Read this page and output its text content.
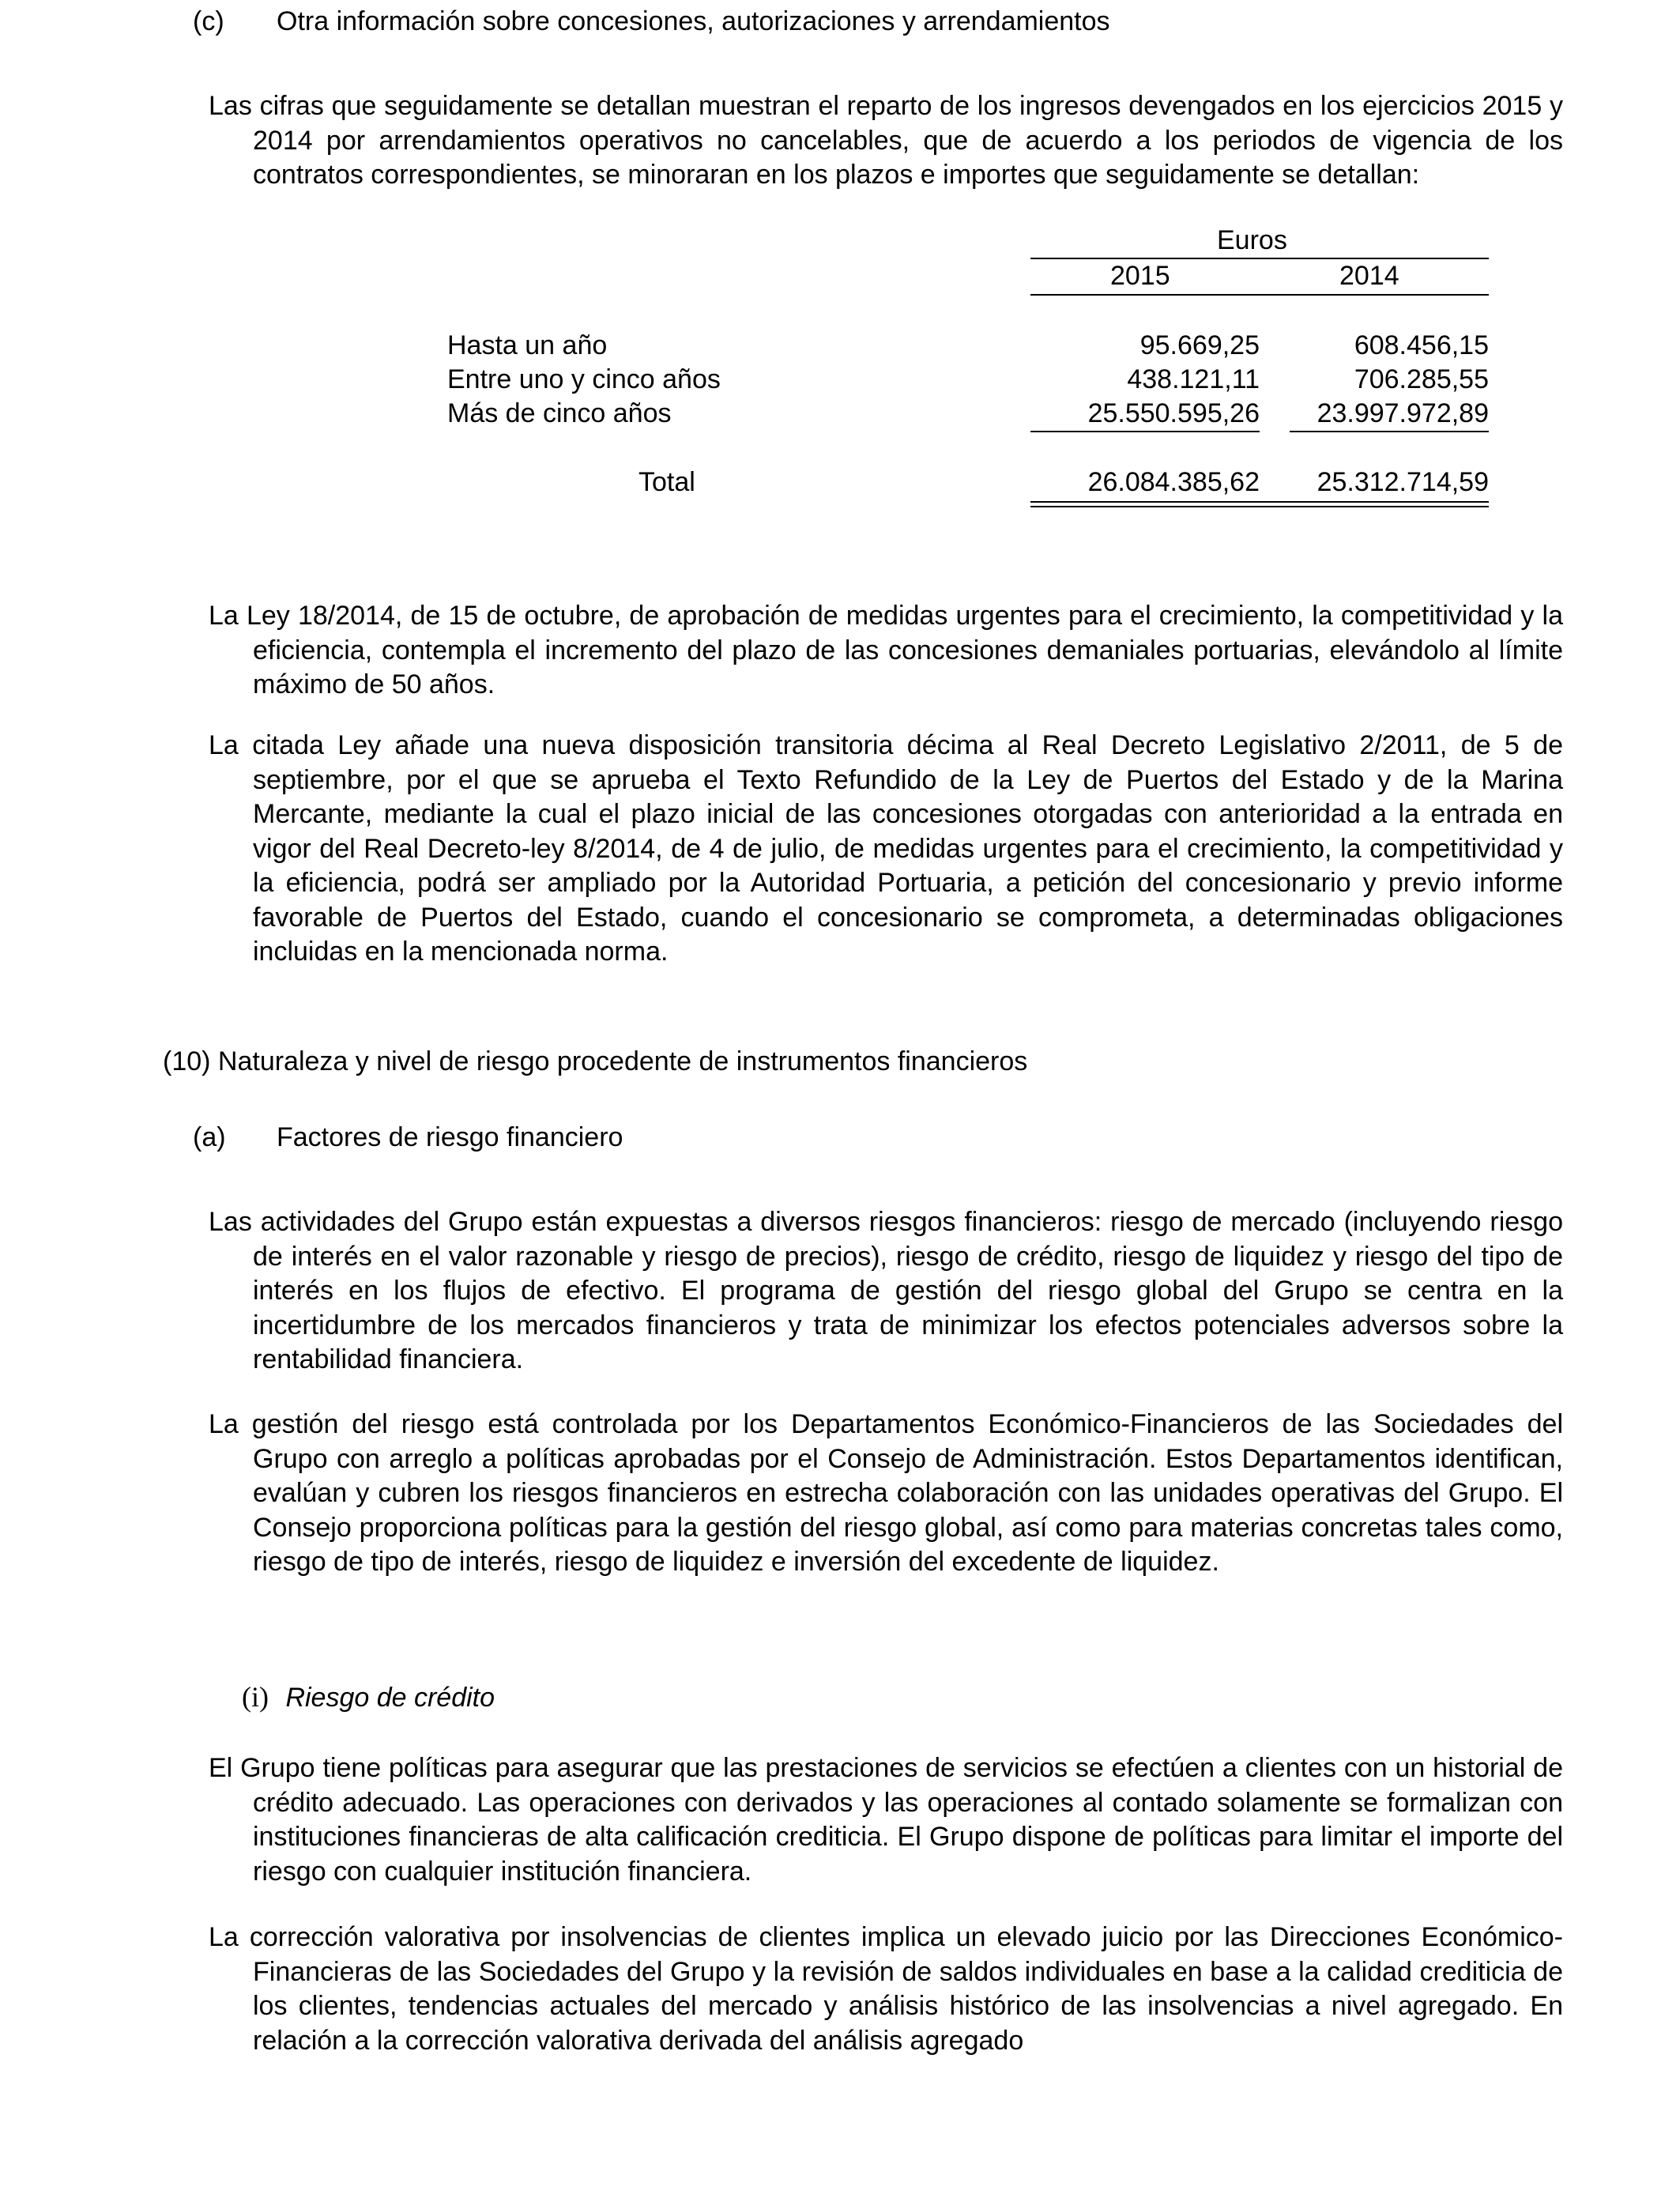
(c) Otra información sobre concesiones, autorizaciones y arrendamientos
Las cifras que seguidamente se detallan muestran el reparto de los ingresos devengados en los ejercicios 2015 y 2014 por arrendamientos operativos no cancelables, que de acuerdo a los periodos de vigencia de los contratos correspondientes, se minoraran en los plazos e importes que seguidamente se detallan:
Euros
2015	2014
Hasta un año	95.669,25	608.456,15
Entre uno y cinco años	438.121,11	706.285,55
Más de cinco años	25.550.595,26	23.997.972,89
Total	26.084.385,62	25.312.714,59
La Ley 18/2014, de 15 de octubre, de aprobación de medidas urgentes para el crecimiento, la competitividad y la eficiencia, contempla el incremento del plazo de las concesiones demaniales portuarias, elevándolo al límite máximo de 50 años.
La citada Ley añade una nueva disposición transitoria décima al Real Decreto Legislativo 2/2011, de 5 de septiembre, por el que se aprueba el Texto Refundido de la Ley de Puertos del Estado y de la Marina Mercante, mediante la cual el plazo inicial de las concesiones otorgadas con anterioridad a la entrada en vigor del Real Decreto-ley 8/2014, de 4 de julio, de medidas urgentes para el crecimiento, la competitividad y la eficiencia, podrá ser ampliado por la Autoridad Portuaria, a petición del concesionario y previo informe favorable de Puertos del Estado, cuando el concesionario se comprometa, a determinadas obligaciones incluidas en la mencionada norma.
(10) Naturaleza y nivel de riesgo procedente de instrumentos financieros
(a) Factores de riesgo financiero
Las actividades del Grupo están expuestas a diversos riesgos financieros: riesgo de mercado (incluyendo riesgo de interés en el valor razonable y riesgo de precios), riesgo de crédito, riesgo de liquidez y riesgo del tipo de interés en los flujos de efectivo. El programa de gestión del riesgo global del Grupo se centra en la incertidumbre de los mercados financieros y trata de minimizar los efectos potenciales adversos sobre la rentabilidad financiera.
La gestión del riesgo está controlada por los Departamentos Económico-Financieros de las Sociedades del Grupo con arreglo a políticas aprobadas por el Consejo de Administración. Estos Departamentos identifican, evalúan y cubren los riesgos financieros en estrecha colaboración con las unidades operativas del Grupo. El Consejo proporciona políticas para la gestión del riesgo global, así como para materias concretas tales como, riesgo de tipo de interés, riesgo de liquidez e inversión del excedente de liquidez.
(i) Riesgo de crédito
El Grupo tiene políticas para asegurar que las prestaciones de servicios se efectúen a clientes con un historial de crédito adecuado. Las operaciones con derivados y las operaciones al contado solamente se formalizan con instituciones financieras de alta calificación crediticia. El Grupo dispone de políticas para limitar el importe del riesgo con cualquier institución financiera.
La corrección valorativa por insolvencias de clientes implica un elevado juicio por las Direcciones Económico-Financieras de las Sociedades del Grupo y la revisión de saldos individuales en base a la calidad crediticia de los clientes, tendencias actuales del mercado y análisis histórico de las insolvencias a nivel agregado. En relación a la corrección valorativa derivada del análisis agregado
